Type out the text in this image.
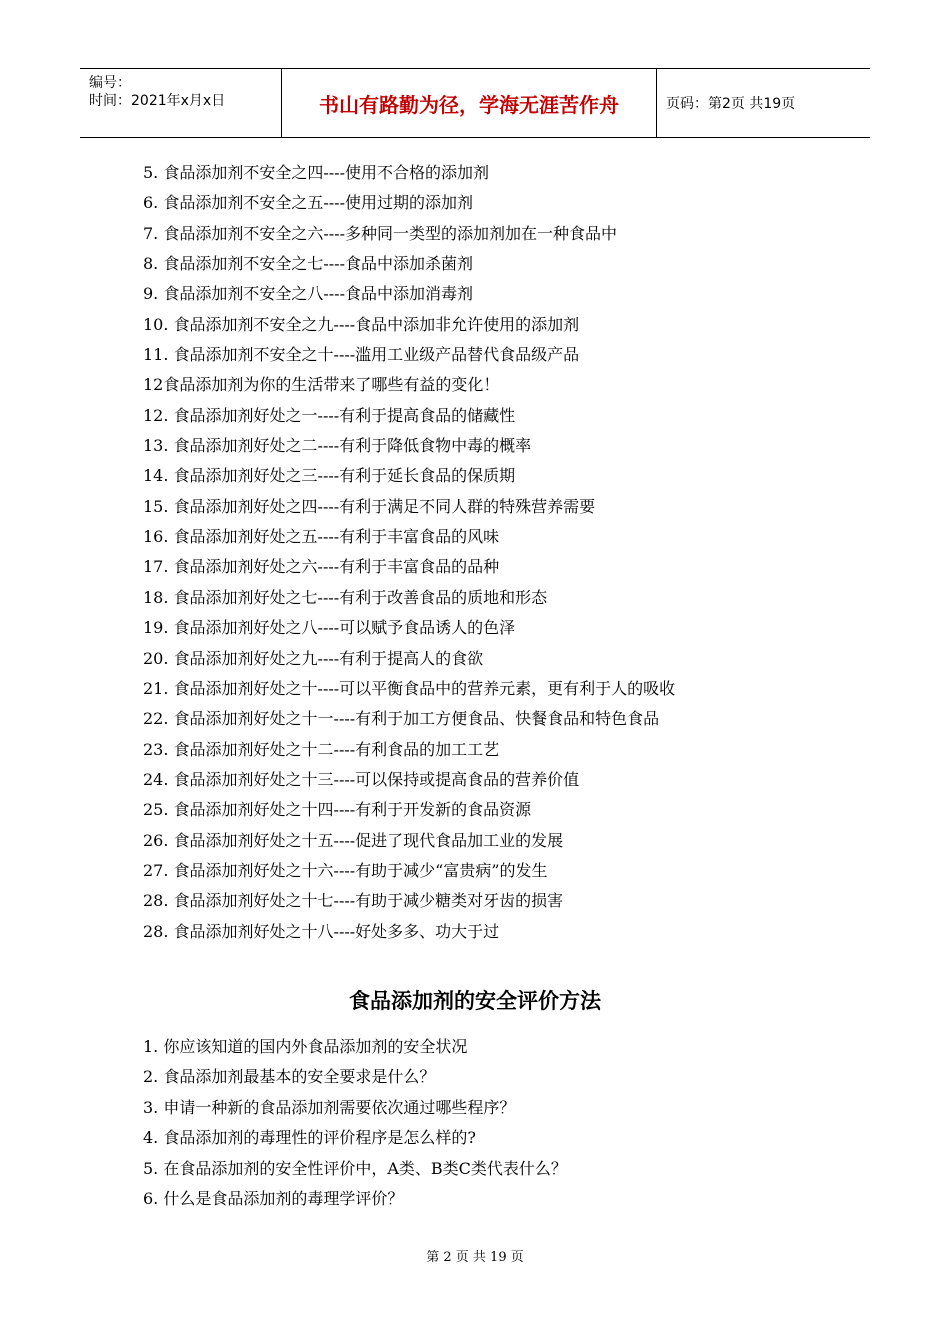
编号：
时间：2021年x月x日	书山有路勤为径，学海无涯苦作舟	页码：第2页 共19页
5. 食品添加剂不安全之四----使用不合格的添加剂
6. 食品添加剂不安全之五----使用过期的添加剂
7. 食品添加剂不安全之六----多种同一类型的添加剂加在一种食品中
8. 食品添加剂不安全之七----食品中添加杀菌剂
9. 食品添加剂不安全之八----食品中添加消毒剂
10. 食品添加剂不安全之九----食品中添加非允许使用的添加剂
11. 食品添加剂不安全之十----滥用工业级产品替代食品级产品
12食品添加剂为你的生活带来了哪些有益的变化！
12. 食品添加剂好处之一----有利于提高食品的储藏性
13. 食品添加剂好处之二----有利于降低食物中毒的概率
14. 食品添加剂好处之三----有利于延长食品的保质期
15. 食品添加剂好处之四----有利于满足不同人群的特殊营养需要
16. 食品添加剂好处之五----有利于丰富食品的风味
17. 食品添加剂好处之六----有利于丰富食品的品种
18. 食品添加剂好处之七----有利于改善食品的质地和形态
19. 食品添加剂好处之八----可以赋予食品诱人的色泽
20. 食品添加剂好处之九----有利于提高人的食欲
21. 食品添加剂好处之十----可以平衡食品中的营养元素，更有利于人的吸收
22. 食品添加剂好处之十一----有利于加工方便食品、快餐食品和特色食品
23. 食品添加剂好处之十二----有利食品的加工工艺
24. 食品添加剂好处之十三----可以保持或提高食品的营养价值
25. 食品添加剂好处之十四----有利于开发新的食品资源
26. 食品添加剂好处之十五----促进了现代食品加工业的发展
27. 食品添加剂好处之十六----有助于减少“富贵病”的发生
28. 食品添加剂好处之十七----有助于减少糖类对牙齿的损害
28. 食品添加剂好处之十八----好处多多、功大于过
食品添加剂的安全评价方法
1. 你应该知道的国内外食品添加剂的安全状况
2. 食品添加剂最基本的安全要求是什么？
3. 申请一种新的食品添加剂需要依次通过哪些程序？
4. 食品添加剂的毒理性的评价程序是怎么样的?
5. 在食品添加剂的安全性评价中，A类、B类C类代表什么？
6. 什么是食品添加剂的毒理学评价？
第 2 页 共 19 页
